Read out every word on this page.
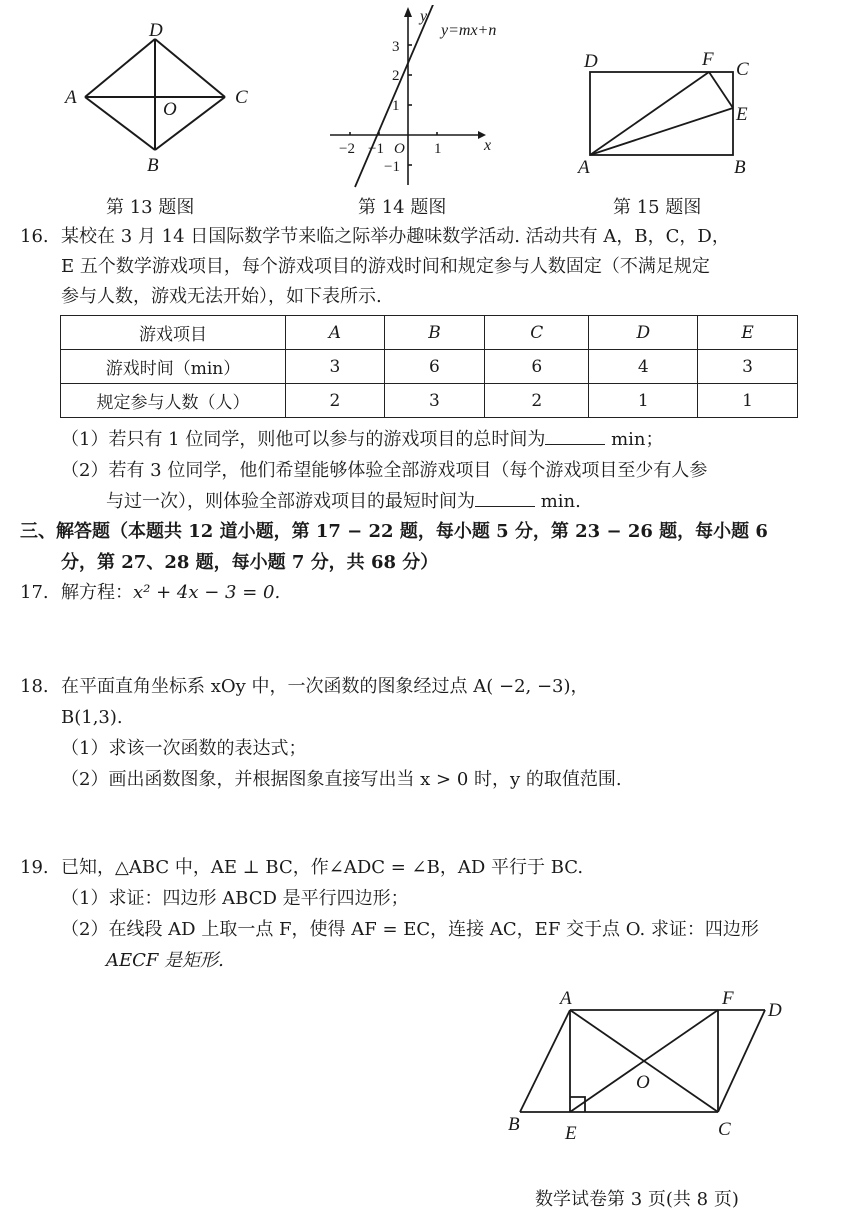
D
A
O
C
B
第 13 题图
y
x
y=mx+n
3
2
1
−1
−2 −1 O 1
第 14 题图
D	F C
E
A	B
第 15 题图
16. 某校在 3 月 14 日国际数学节来临之际举办趣味数学活动. 活动共有 A，B，C，D，
E 五个数学游戏项目，每个游戏项目的游戏时间和规定参与人数固定（不满足规定
参与人数，游戏无法开始），如下表所示.
游戏项目	A	B	C	D	E
游戏时间（min）	3	6	6	4	3
规定参与人数（人）	2	3	2	1	1
（1）若只有 1 位同学，则他可以参与的游戏项目的总时间为	min；
（2）若有 3 位同学，他们希望能够体验全部游戏项目（每个游戏项目至少有人参
与过一次），则体验全部游戏项目的最短时间为	min.
三、解答题（本题共 12 道小题，第 17 − 22 题，每小题 5 分，第 23 − 26 题，每小题 6
分，第 27、28 题，每小题 7 分，共 68 分）
17. 解方程：x² + 4x − 3 = 0.
18. 在平面直角坐标系 xOy 中，一次函数的图象经过点 A( −2, −3)，
B(1,3).
（1）求该一次函数的表达式；
（2）画出函数图象，并根据图象直接写出当 x > 0 时，y 的取值范围.
19. 已知，△ABC 中，AE ⊥ BC，作∠ADC = ∠B，AD 平行于 BC.
（1）求证：四边形 ABCD 是平行四边形；
（2）在线段 AD 上取一点 F，使得 AF = EC，连接 AC，EF 交于点 O. 求证：四边形
AECF 是矩形.
A	F
D
O
B E	C
数学试卷第 3 页(共 8 页)
